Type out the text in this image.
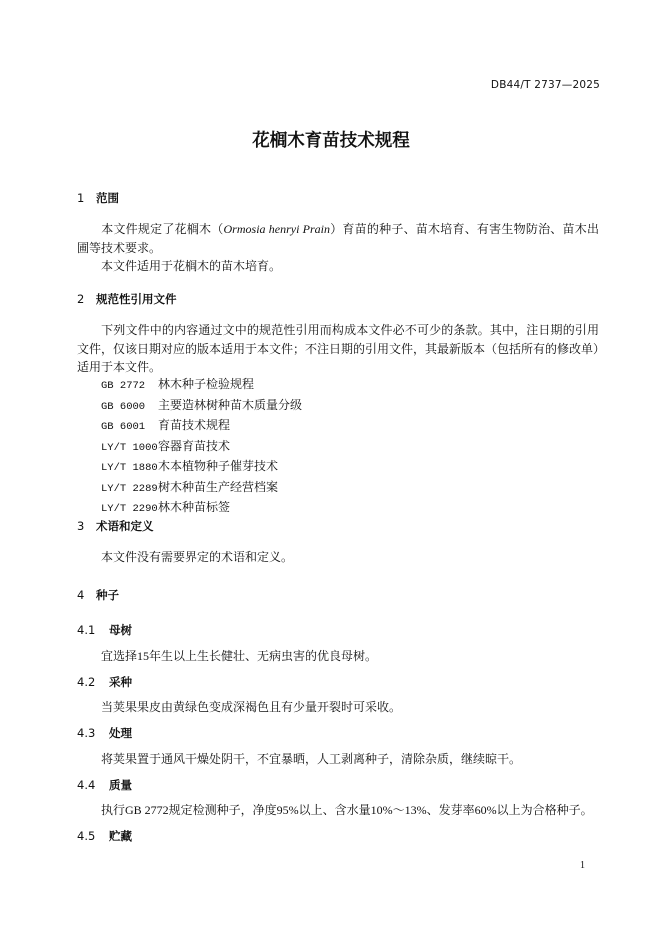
DB44/T 2737—2025
花榈木育苗技术规程
1 范围
本文件规定了花榈木（Ormosia henryi Prain）育苗的种子、苗木培育、有害生物防治、苗木出圃等技术要求。
本文件适用于花榈木的苗木培育。
2 规范性引用文件
下列文件中的内容通过文中的规范性引用而构成本文件必不可少的条款。其中，注日期的引用文件，仅该日期对应的版本适用于本文件；不注日期的引用文件，其最新版本（包括所有的修改单）适用于本文件。
GB 2772 林木种子检验规程
GB 6000 主要造林树种苗木质量分级
GB 6001 育苗技术规程
LY/T 1000容器育苗技术
LY/T 1880木本植物种子催芽技术
LY/T 2289树木种苗生产经营档案
LY/T 2290林木种苗标签
3 术语和定义
本文件没有需要界定的术语和定义。
4 种子
4.1 母树
宜选择15年生以上生长健壮、无病虫害的优良母树。
4.2 采种
当荚果果皮由黄绿色变成深褐色且有少量开裂时可采收。
4.3 处理
将荚果置于通风干燥处阴干，不宜暴晒，人工剥离种子，清除杂质，继续晾干。
4.4 质量
执行GB 2772规定检测种子，净度95%以上、含水量10%～13%、发芽率60%以上为合格种子。
4.5 贮藏
1
